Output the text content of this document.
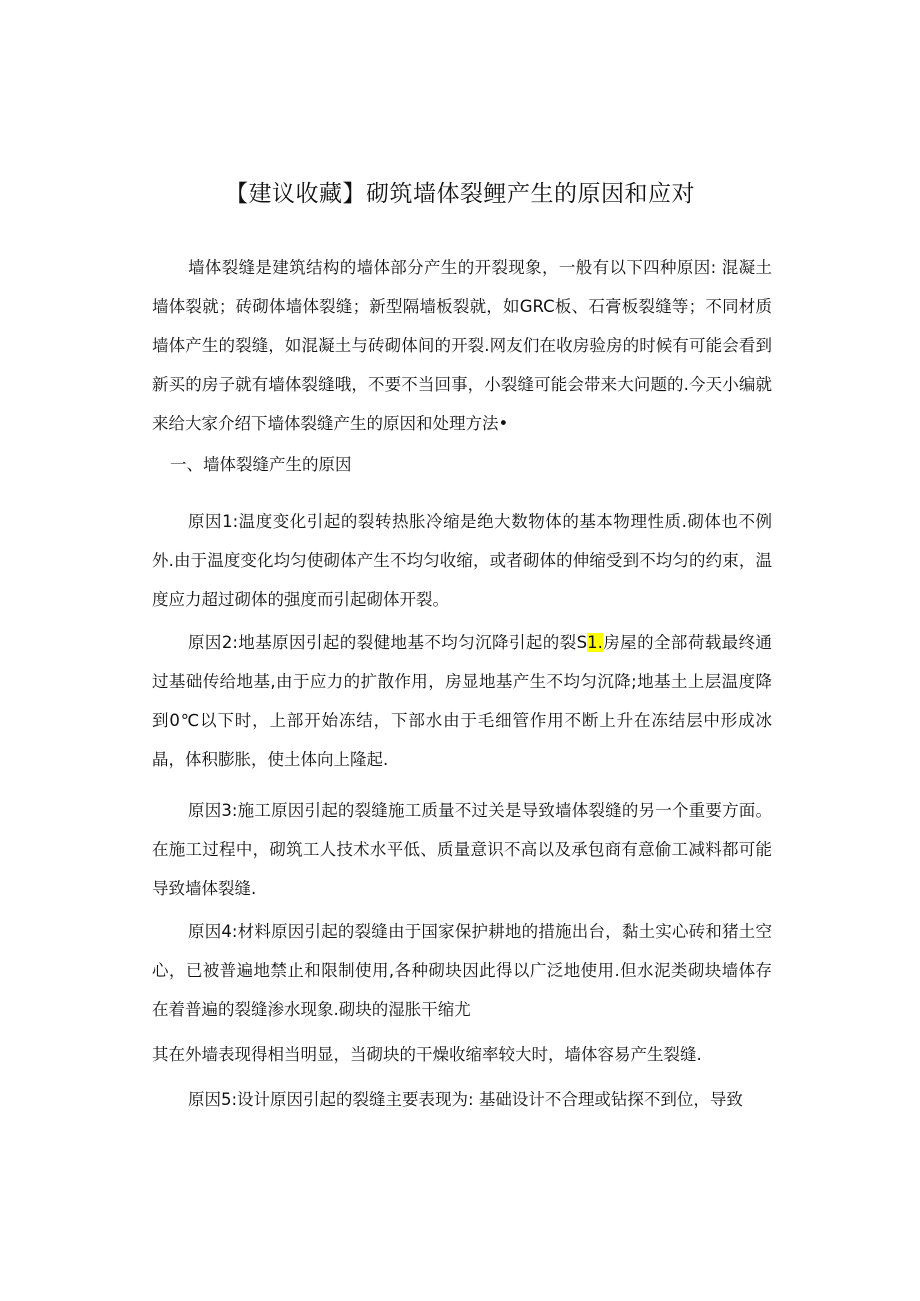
【建议收藏】砌筑墙体裂鲤产生的原因和应对

墙体裂缝是建筑结构的墙体部分产生的开裂现象，一般有以下四种原因: 混凝土墙体裂就；砖砌体墙体裂缝；新型隔墙板裂就，如GRC板、石膏板裂缝等；不同材质墙体产生的裂缝，如混凝土与砖砌体间的开裂.网友们在收房验房的时候有可能会看到新买的房子就有墙体裂缝哦，不要不当回事，小裂缝可能会带来大问题的.今天小编就来给大家介绍下墙体裂缝产生的原因和处理方法•

一、墙体裂缝产生的原因

原因1:温度变化引起的裂转热胀冷缩是绝大数物体的基本物理性质.砌体也不例外.由于温度变化均匀使砌体产生不均匀收缩，或者砌体的伸缩受到不均匀的约束，温度应力超过砌体的强度而引起砌体开裂。

原因2:地基原因引起的裂健地基不均匀沉降引起的裂S1.房屋的全部荷载最终通过基础传给地基,由于应力的扩散作用，房显地基产生不均匀沉降;地基土上层温度降到0℃以下时，上部开始冻结，下部水由于毛细管作用不断上升在冻结层中形成冰晶，体积膨胀，使土体向上隆起.

原因3:施工原因引起的裂缝施工质量不过关是导致墙体裂缝的另一个重要方面。在施工过程中，砌筑工人技术水平低、质量意识不高以及承包商有意偷工减料都可能导致墙体裂缝.

原因4:材料原因引起的裂缝由于国家保护耕地的措施出台，黏土实心砖和猪土空心，已被普遍地禁止和限制使用,各种砌块因此得以广泛地使用.但水泥类砌块墙体存在着普遍的裂缝渗水现象.砌块的湿胀干缩尤

其在外墙表现得相当明显，当砌块的干燥收缩率较大时，墙体容易产生裂缝.

原因5:设计原因引起的裂缝主要表现为: 基础设计不合理或钻探不到位，导致
